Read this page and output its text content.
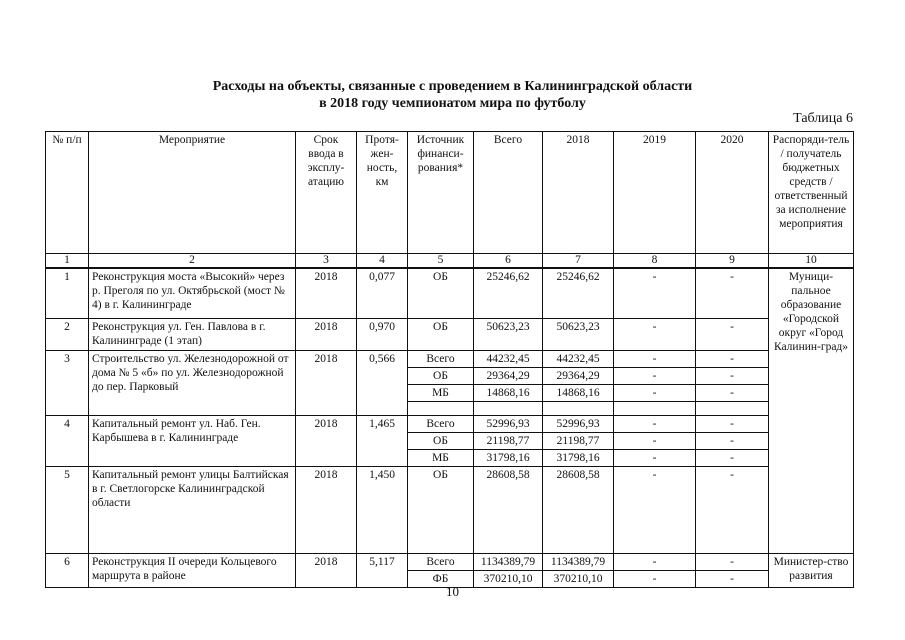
Расходы на объекты, связанные с проведением в Калининградской области
в 2018 году чемпионатом мира по футболу
Таблица 6
№ п/п	Мероприятие	Срок ввода в эксплу-атацию	Протя-жен-ность, км	Источник финанси-рования*	Всего	2018	2019	2020	Распоряди-тель / получатель бюджетных средств / ответственный за исполнение мероприятия	
1	2	3	4	5	6	7	8	9	10	
1	Реконструкция моста «Высокий» через р. Преголя по ул. Октябрьской (мост № 4) в г. Калининграде	2018	0,077	ОБ	25246,62	25246,62	-	-	Муници-пальное образование «Городской округ «Город Калинин-град»	
2	Реконструкция ул. Ген. Павлова в г. Калининграде (1 этап)	2018	0,970	ОБ	50623,23	50623,23	-	-		
3	Строительство ул. Железнодорожной от дома № 5 «б» по ул. Железнодорожной до пер. Парковый	2018	0,566	Всего	44232,45	44232,45	-	-		
				ОБ	29364,29	29364,29	-	-		
				МБ	14868,16	14868,16	-	-		

4	Капитальный ремонт ул. Наб. Ген. Карбышева в г. Калининграде	2018	1,465	Всего	52996,93	52996,93	-	-		
				ОБ	21198,77	21198,77	-	-		
				МБ	31798,16	31798,16	-	-		
5	Капитальный ремонт улицы Балтийская в г. Светлогорске Калининградской области	2018	1,450	ОБ	28608,58	28608,58	-	-	
6	Реконструкция II очереди Кольцевого маршрута в районе	2018	5,117	Всего	1134389,79	1134389,79	-	-	Министер-ство развития	
				ФБ	370210,10	370210,10	-	-		
10
